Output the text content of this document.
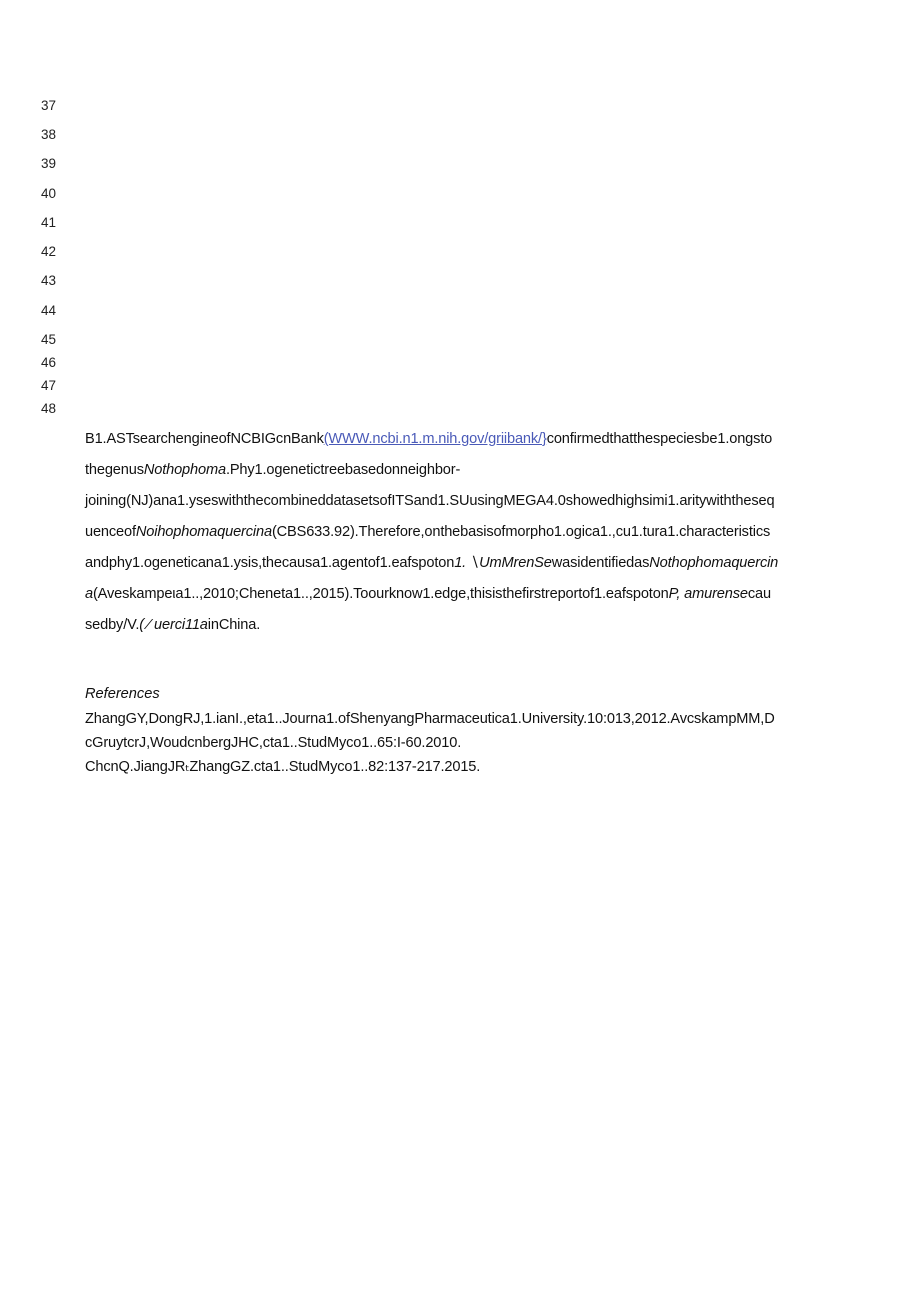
37
38
39
40
41
42
43
44
45
46
47
48
B1.ASTsearchengineofNCBIGcnBank(WWW.ncbi.n1.m.nih.gov/griibank/}confirmedthatthespeciesbe1.ongsto
thegenusNothophoma.Phy1.ogenetictreebasedonneighbor-
joining(NJ)ana1.yseswiththecombineddatasetsofITSand1.SUusingMEGA4.0showedhighsimi1.aritywiththeseq
uenceofNoihophomaquercina(CBS633.92).Therefore,onthebasisofmorpho1.ogica1.,cu1.tura1.characteristics
andphy1.ogeneticana1.ysis,thecausa1.agentof1.eafspoton1. ∖UmMrenSewasidentifiedasNothophomaquercin
a(Aveskampeιa1..,2010;Cheneta1..,2015).Toourknow1.edge,thisisthefirstreportof1.eafspotonP, amurensecau
sedby/V.( ⁄ uerci11ainChina.
References
ZhangGY,DongRJ,1.ianI.,eta1..Journa1.ofShenyangPharmaceutica1.University.10:013,2012.AvcskampMM,D
cGruytcrJ,WoudcnbergJHC,cta1..StudMyco1..65:I-60.2010.
ChcnQ.JiangJRₜZhangGZ.cta1..StudMyco1..82:137-217.2015.
